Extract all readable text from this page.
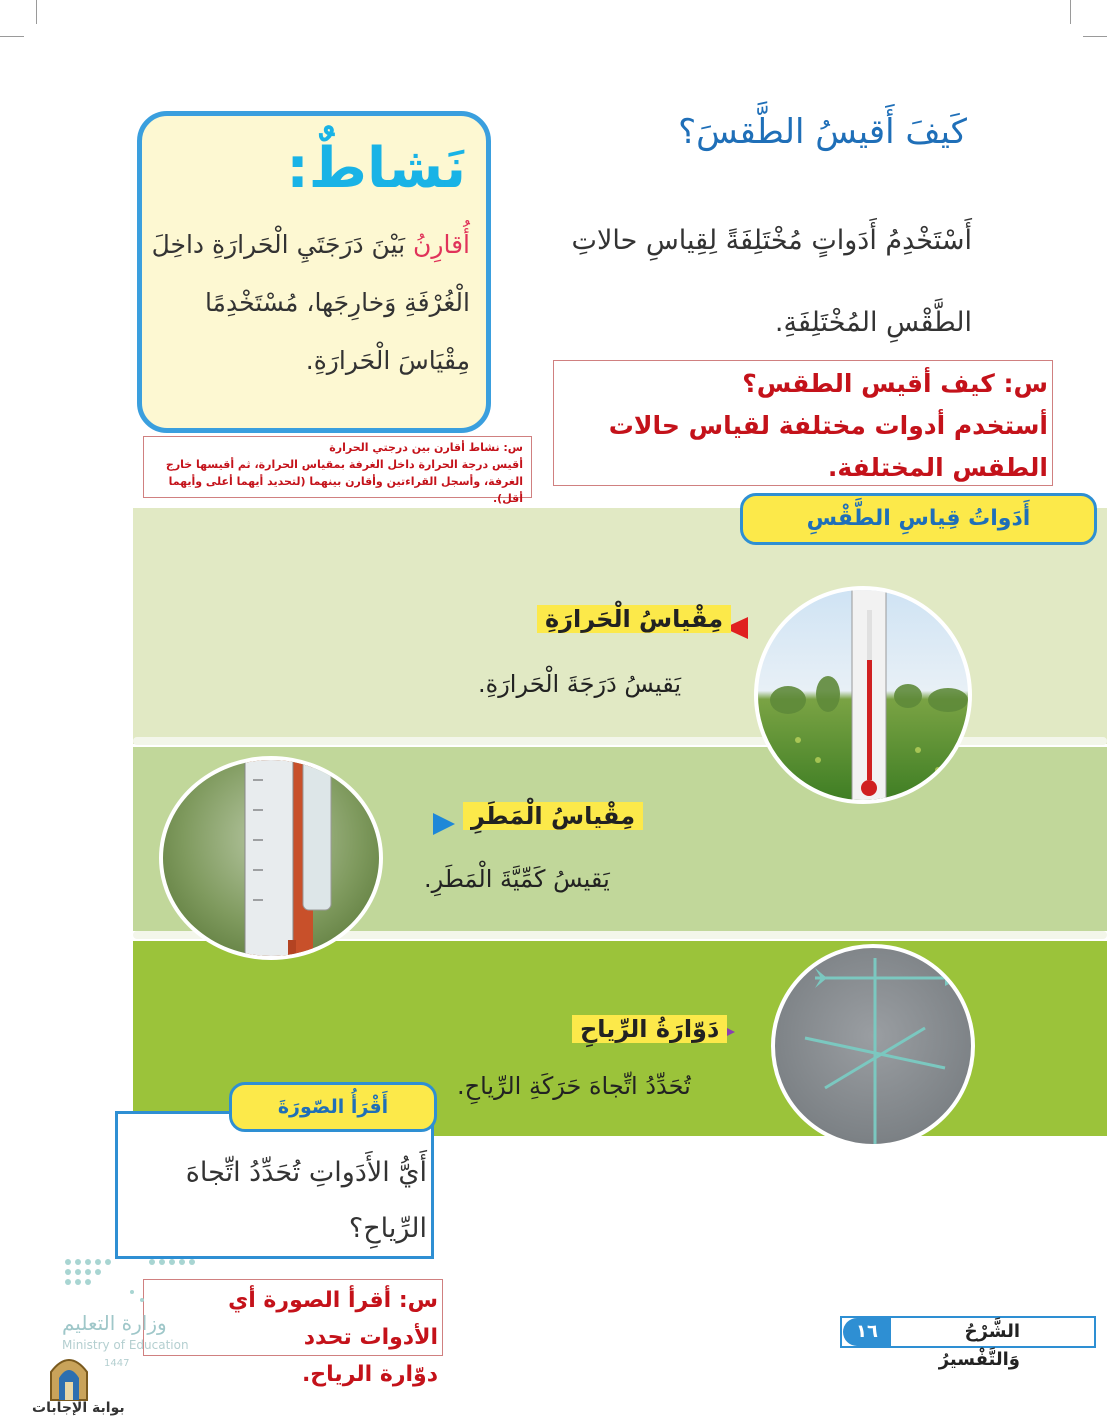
كَيفَ أَقيسُ الطَّقسَ؟
أَسْتَخْدِمُ أَدَواتٍ مُخْتَلِفَةً لِقِياسِ حالاتِ
الطَّقْسِ المُخْتَلِفَةِ.
نَشاطٌ:
أُقارِنُ بَيْنَ دَرَجَتَيِ الْحَرارَةِ داخِلَ الْغُرْفَةِ وَخارِجَها، مُسْتَخْدِمًا مِقْيَاسَ الْحَرارَةِ.
س: نشاط أقارن بين درجتي الحرارة
أقيس درجة الحرارة داخل الغرفة بمقياس الحرارة، ثم أقيسها خارج الغرفة، وأسجل القراءتين وأقارن بينهما (لتحديد أيهما أعلى وأيهما أقل).
س: كيف أقيس الطقس؟
أستخدم أدوات مختلفة لقياس حالات الطقس المختلفة.
أَدَواتُ قِياسِ الطَّقْسِ
مِقْياسُ الْحَرارَةِ
يَقيسُ دَرَجَةَ الْحَرارَةِ.
مِقْياسُ الْمَطَرِ
يَقيسُ كَمِّيَّةَ الْمَطَرِ.
دَوّارَةُ الرِّياحِ
تُحَدِّدُ اتِّجاهَ حَرَكَةِ الرِّياحِ.
أَقْرَأُ الصّورَةَ
أَيُّ الأَدَواتِ تُحَدِّدُ اتِّجاهَ
الرِّياحِ؟
س: أقرأ الصورة أي الأدوات تحدد
دوّارة الرياح.
وزارة التعليم
Ministry of Education
1447
بوابة الإجابات
١٦	الشَّرْحُ وَالتَّفْسيرُ
